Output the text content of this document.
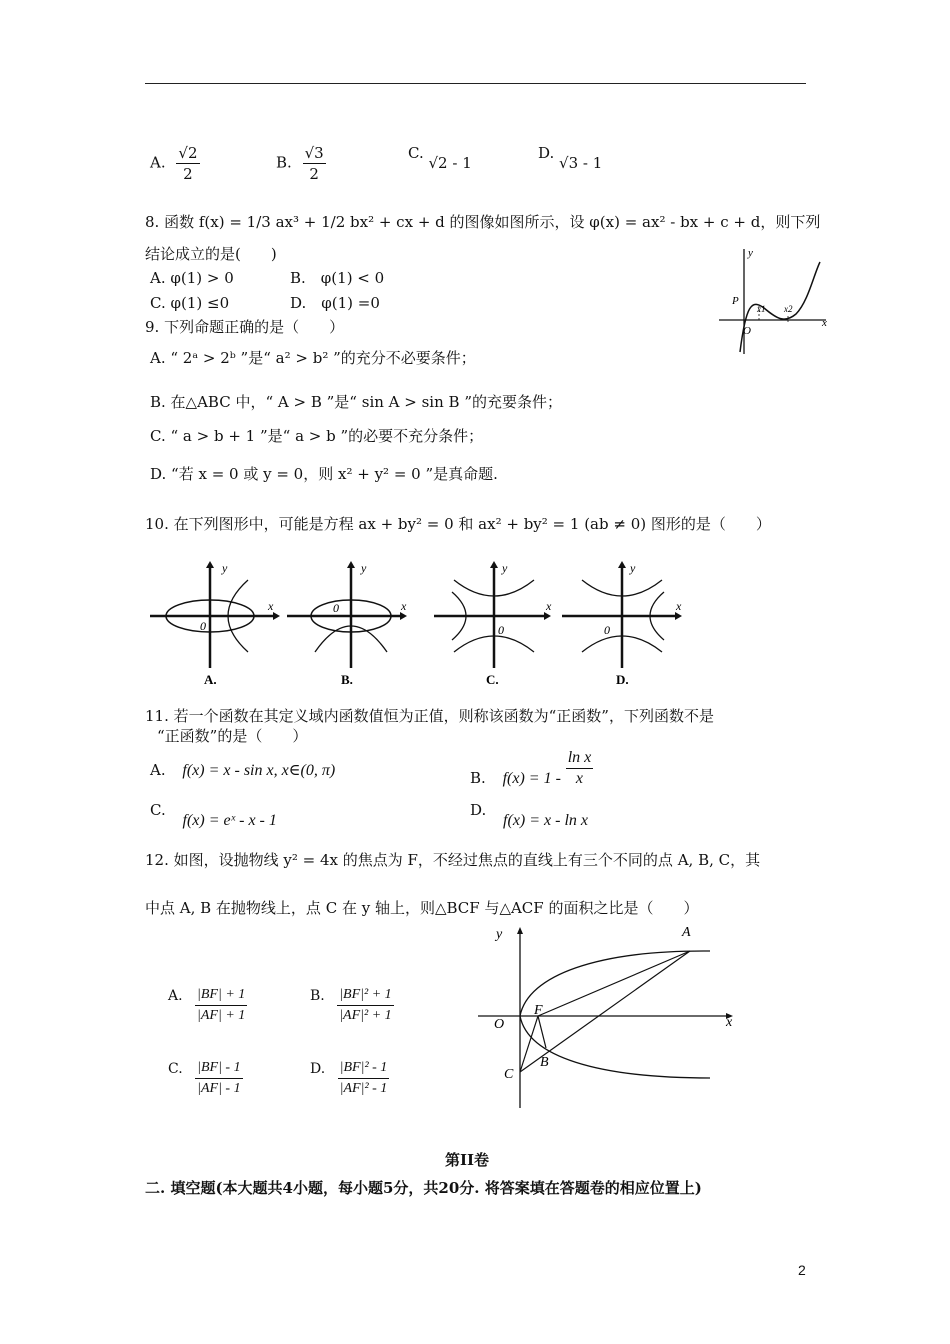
A. $\frac{√2}{2}$	B. $\frac{√3}{2}$	C. √2 - 1
D. √3 - 1
8. 函数 f(x) = 1/3 ax³ + 1/2 bx² + cx + d 的图像如图所示，设 φ(x) = ax² - bx + c + d，则下列
结论成立的是(　　)
A. φ(1) > 0	B.　φ(1) < 0
C. φ(1) ≤0	D.　φ(1) =0
y
x
O
P
x1 x2
9. 下列命题正确的是（　　）
A. “ 2ᵃ > 2ᵇ ”是“ a² > b² ”的充分不必要条件；
B. 在△ABC 中，“ A > B ”是“ sin A > sin B ”的充要条件；
C. “ a > b + 1 ”是“ a > b ”的必要不充分条件；
D. “若 x = 0 或 y = 0，则 x² + y² = 0 ”是真命题.
10. 在下列图形中，可能是方程 ax + by² = 0 和 ax² + by² = 1 (ab ≠ 0) 图形的是（　　）
y
x
0
A.
y
x
0
B.
y
x
0
C.
y
x
0
D.
11. 若一个函数在其定义域内函数值恒为正值，则称该函数为“正函数”，下列函数不是
“正函数”的是（　　）
A. f(x) = x - sin x, x∈(0, π)	B. $f(x) = 1 - \frac{\text{ln x}}{x}$
C. f(x) = eˣ - x - 1
D. f(x) = x - ln x
12. 如图，设抛物线 y² = 4x 的焦点为 F，不经过焦点的直线上有三个不同的点 A, B, C，其
中点 A, B 在抛物线上，点 C 在 y 轴上，则△BCF 与△ACF 的面积之比是（　　）
A. $\frac{|BF| + 1}{|AF| + 1}$	B. $\frac{\text{|BF|² + 1}}{\text{|AF|² + 1}}$
C. $\frac{|BF| - 1}{|AF| - 1}$	D. $\frac{\text{|BF|² - 1}}{\text{|AF|² - 1}}$
y
x
O
A
B
C
F
第II卷
二. 填空题(本大题共4小题，每小题5分，共20分. 将答案填在答题卷的相应位置上)
2
